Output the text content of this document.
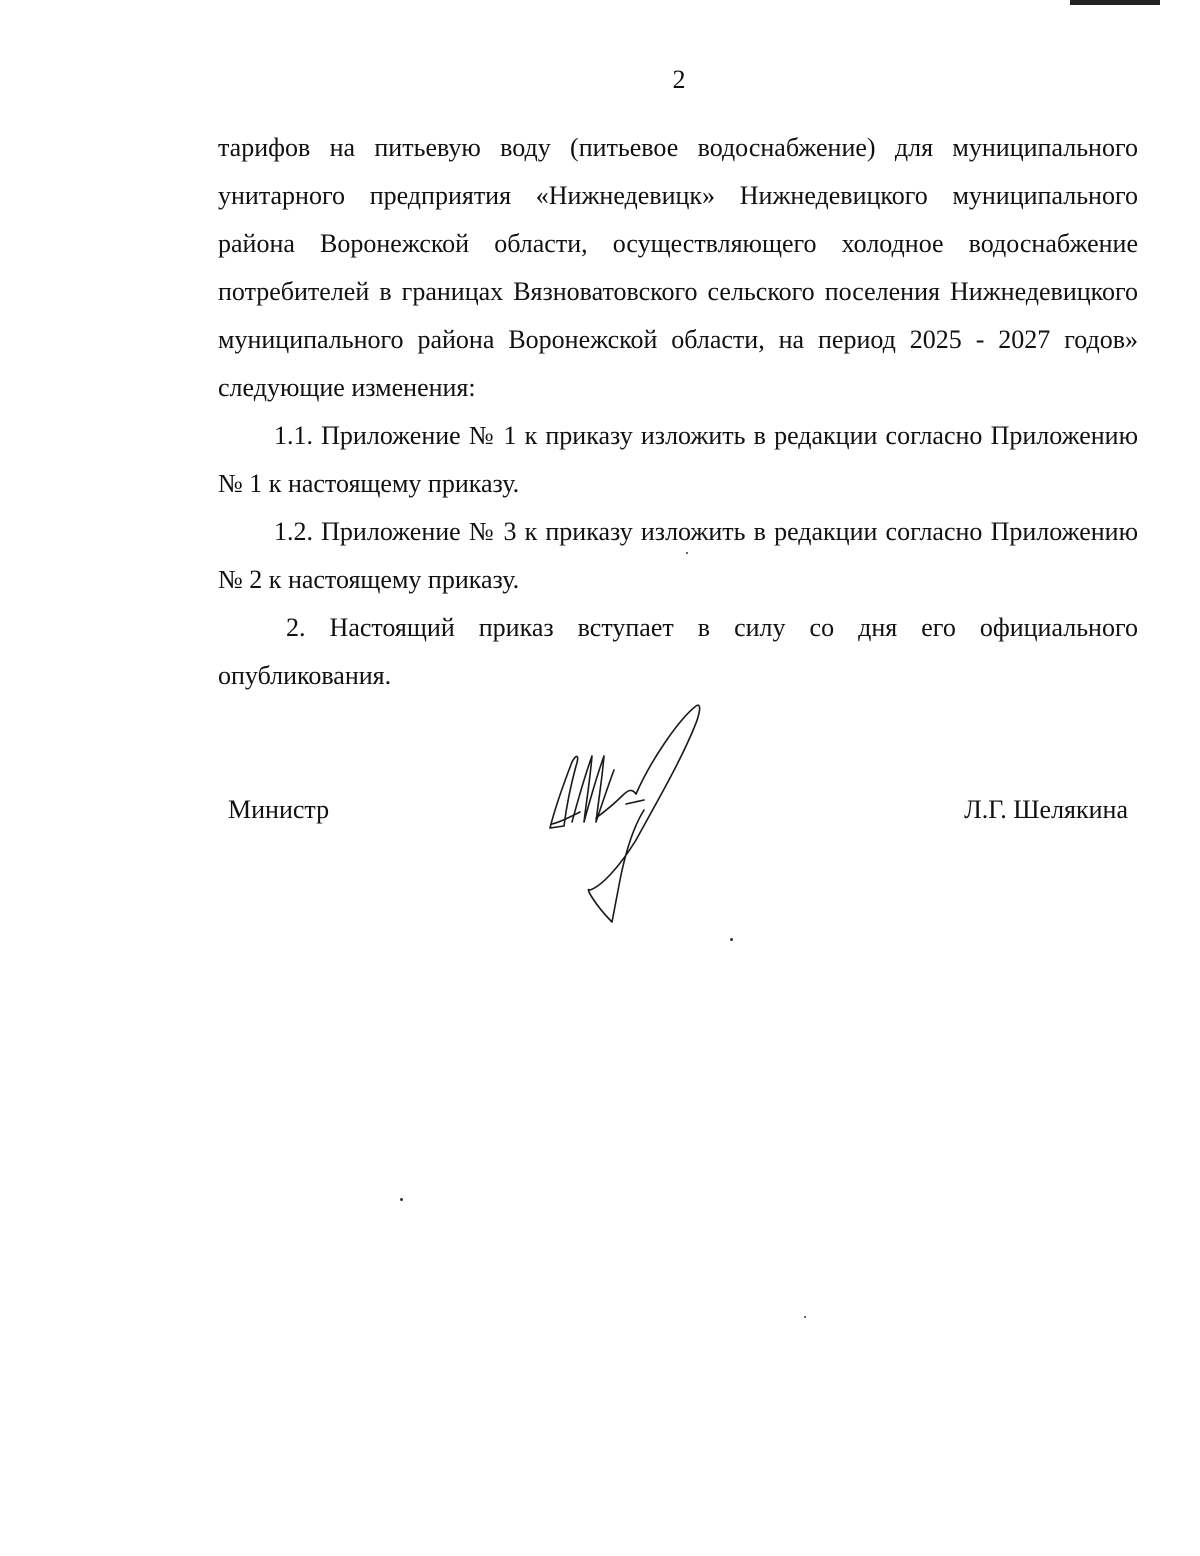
2

тарифов на питьевую воду (питьевое водоснабжение) для муниципального унитарного предприятия «Нижнедевицк» Нижнедевицкого муниципального района Воронежской области, осуществляющего холодное водоснабжение потребителей в границах Вязноватовского сельского поселения Нижнедевицкого муниципального района Воронежской области, на период 2025 - 2027 годов» следующие изменения:

1.1. Приложение № 1 к приказу изложить в редакции согласно Приложению № 1 к настоящему приказу.

1.2. Приложение № 3 к приказу изложить в редакции согласно Приложению № 2 к настоящему приказу.

2. Настоящий приказ вступает в силу со дня его официального опубликования.

Министр	Л.Г. Шелякина
